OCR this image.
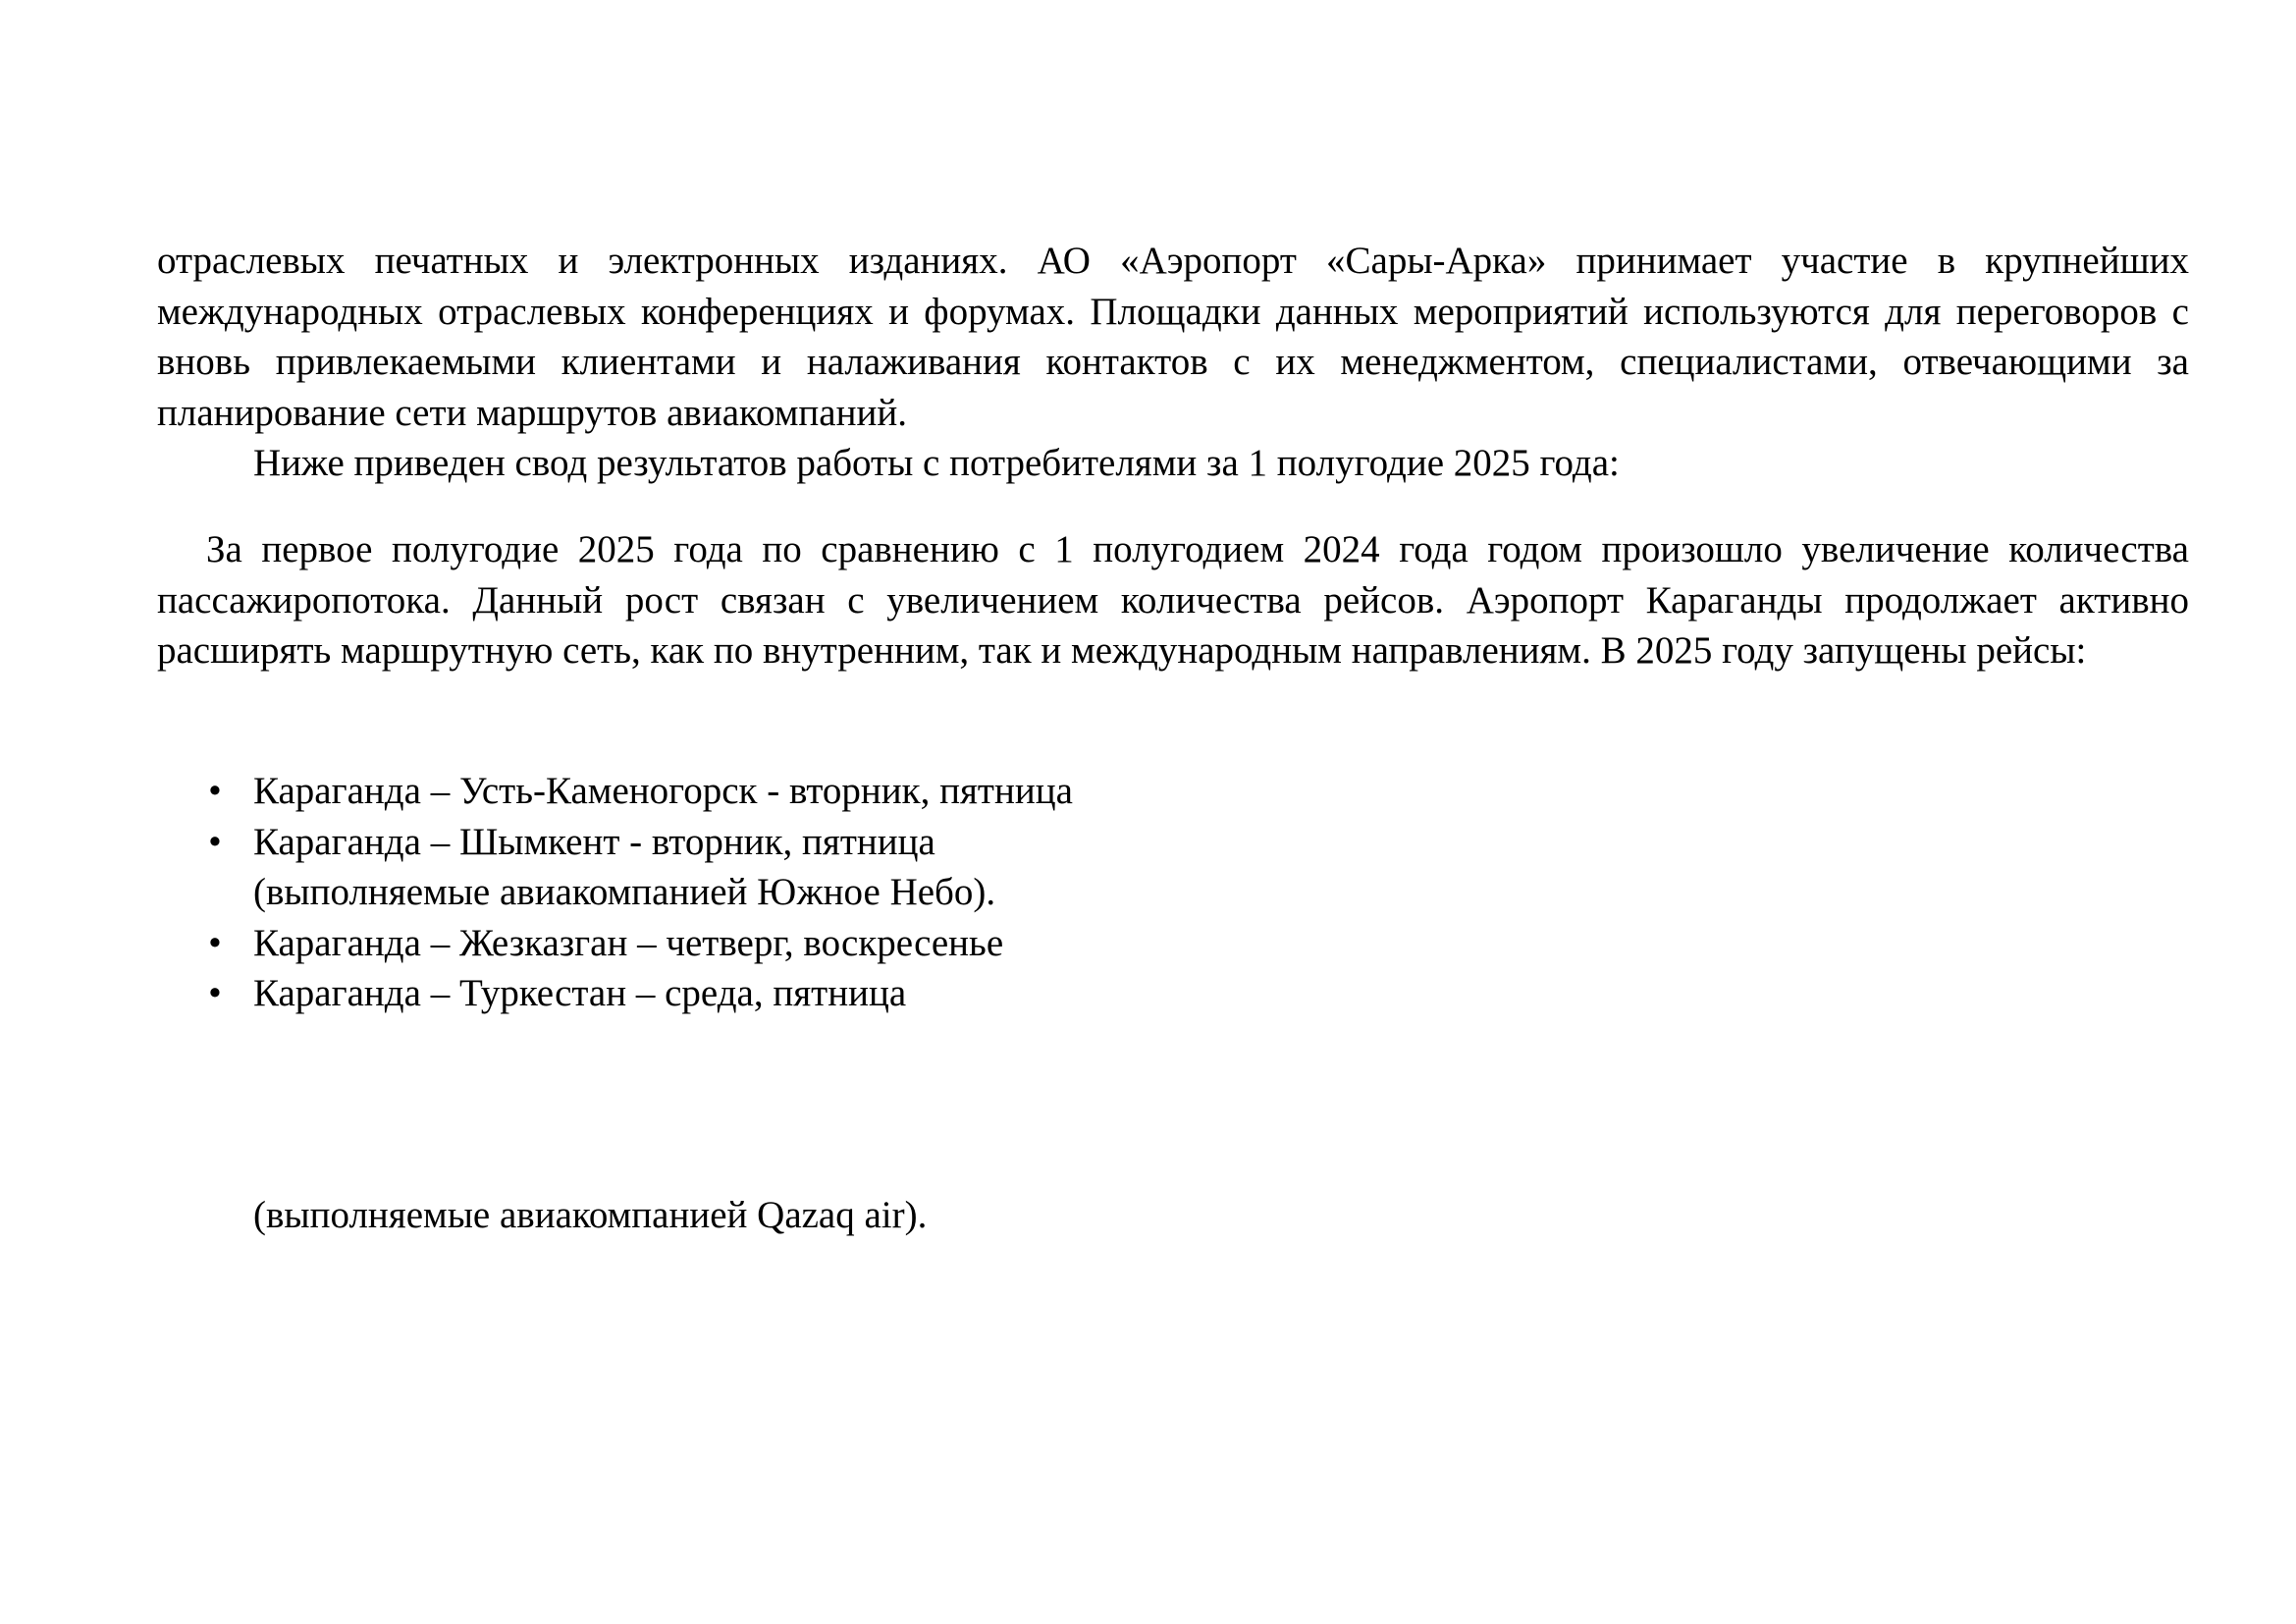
отраслевых печатных и электронных изданиях. АО «Аэропорт «Сары-Арка» принимает участие в крупнейших международных отраслевых конференциях и форумах. Площадки данных мероприятий используются для переговоров с вновь привлекаемыми клиентами и налаживания контактов с их менеджментом, специалистами, отвечающими за планирование сети маршрутов авиакомпаний.

Ниже приведен свод результатов работы с потребителями за 1 полугодие 2025 года:

За первое полугодие 2025 года по сравнению с 1 полугодием 2024 года годом произошло увеличение количества пассажиропотока. Данный рост связан с увеличением количества рейсов. Аэропорт Караганды продолжает активно расширять маршрутную сеть, как по внутренним, так и международным направлениям. В 2025 году запущены рейсы:

• Караганда – Усть-Каменогорск - вторник, пятница
• Караганда – Шымкент - вторник, пятница
(выполняемые авиакомпанией Южное Небо).
• Караганда – Жезказган – четверг, воскресенье
• Караганда – Туркестан – среда, пятница
(выполняемые авиакомпанией Qazaq air).
